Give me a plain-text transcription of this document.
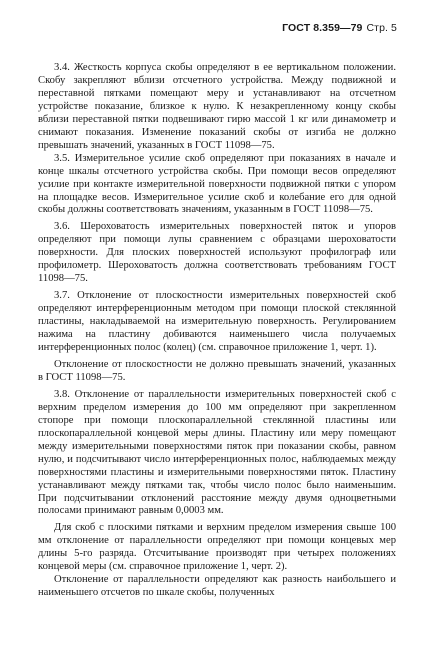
ГОСТ 8.359—79 Стр. 5

3.4. Жесткость корпуса скобы определяют в ее вертикальном положении. Скобу закрепляют вблизи отсчетного устройства. Между подвижной и переставной пятками помещают меру и устанавливают на отсчетном устройстве показание, близкое к нулю. К незакрепленному концу скобы вблизи переставной пятки подвешивают гирю массой 1 кг или динамометр и снимают показания. Изменение показаний скобы от изгиба не должно превышать значений, указанных в ГОСТ 11098—75.

3.5. Измерительное усилие скоб определяют при показаниях в начале и конце шкалы отсчетного устройства скобы. При помощи весов определяют усилие при контакте измерительной поверхности подвижной пятки с упором на площадке весов. Измерительное усилие скоб и колебание его для одной скобы должны соответствовать значениям, указанным в ГОСТ 11098—75.

3.6. Шероховатость измерительных поверхностей пяток и упоров определяют при помощи лупы сравнением с образцами шероховатости поверхности. Для плоских поверхностей используют профилограф или профилометр. Шероховатость должна соответствовать требованиям ГОСТ 11098—75.

3.7. Отклонение от плоскостности измерительных поверхностей скоб определяют интерференционным методом при помощи плоской стеклянной пластины, накладываемой на измерительную поверхность. Регулированием нажима на пластину добиваются наименьшего числа получаемых интерференционных полос (колец) (см. справочное приложение 1, черт. 1).

Отклонение от плоскостности не должно превышать значений, указанных в ГОСТ 11098—75.

3.8. Отклонение от параллельности измерительных поверхностей скоб с верхним пределом измерения до 100 мм определяют при закрепленном стопоре при помощи плоскопараллельной стеклянной пластины или плоскопараллельной концевой меры длины. Пластину или меру помещают между измерительными поверхностями пяток при показании скобы, равном нулю, и подсчитывают число интерференционных полос, наблюдаемых между поверхностями пластины и измерительными поверхностями пяток. Пластину устанавливают между пятками так, чтобы число полос было наименьшим. При подсчитывании отклонений расстояние между двумя одноцветными полосами принимают равным 0,0003 мм.

Для скоб с плоскими пятками и верхним пределом измерения свыше 100 мм отклонение от параллельности определяют при помощи концевых мер длины 5-го разряда. Отсчитывание производят при четырех положениях концевой меры (см. справочное приложение 1, черт. 2).

Отклонение от параллельности определяют как разность наибольшего и наименьшего отсчетов по шкале скобы, полученных
